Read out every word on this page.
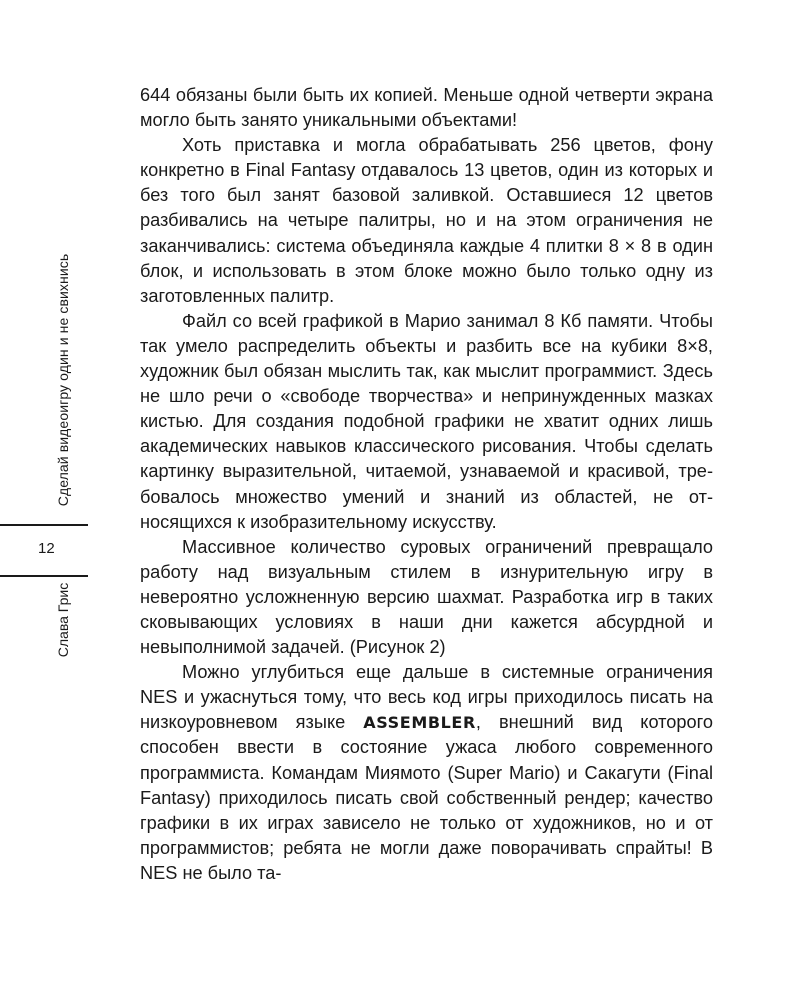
Сделай видеоигру один и не свихнись
12
Слава Грис

644 обязаны были быть их копией. Меньше одной четверти экрана могло быть занято уникальными объектами!

Хоть приставка и могла обрабатывать 256 цветов, фону конкретно в Final Fantasy отдавалось 13 цветов, один из которых и без того был занят базовой заливкой. Оставшиеся 12 цветов разбивались на четыре палитры, но и на этом ограничения не заканчивались: система объединяла каждые 4 плитки 8 × 8 в один блок, и использовать в этом блоке можно было только одну из заготовленных палитр.

Файл со всей графикой в Марио занимал 8 Кб памяти. Чтобы так умело распределить объекты и разбить все на кубики 8×8, художник был обязан мыслить так, как мыслит программист. Здесь не шло речи о «свободе творчества» и непринужденных мазках кистью. Для создания подобной графики не хватит одних лишь академических навыков классического рисования. Чтобы сделать картинку выразительной, читаемой, узнаваемой и красивой, требовалось множество умений и знаний из областей, не относящихся к изобразительному искусству.

Массивное количество суровых ограничений превращало работу над визуальным стилем в изнурительную игру в невероятно усложненную версию шахмат. Разработка игр в таких сковывающих условиях в наши дни кажется абсурдной и невыполнимой задачей. (Рисунок 2)

Можно углубиться еще дальше в системные ограничения NES и ужаснуться тому, что весь код игры приходилось писать на низкоуровневом языке ASSEMBLER, внешний вид которого способен ввести в состояние ужаса любого современного программиста. Командам Миямото (Super Mario) и Сакагути (Final Fantasy) приходилось писать свой собственный рендер; качество графики в их играх зависело не только от художников, но и от программистов; ребята не могли даже поворачивать спрайты! В NES не было та-
